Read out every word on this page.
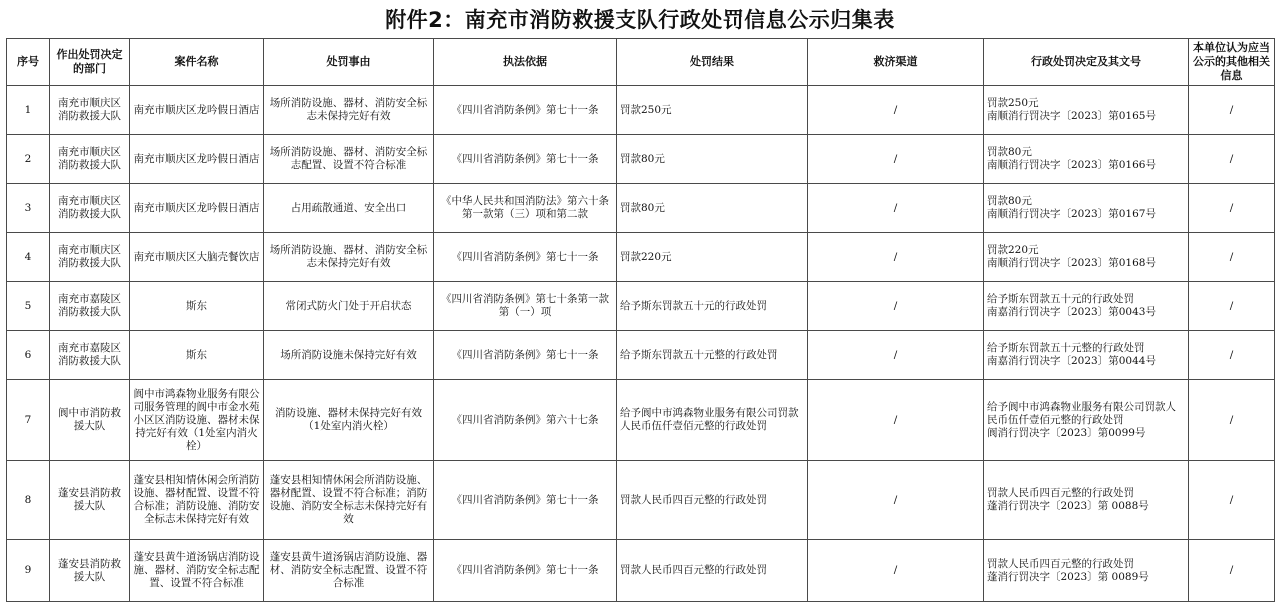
附件2：南充市消防救援支队行政处罚信息公示归集表
序号	作出处罚决定的部门	案件名称	处罚事由	执法依据	处罚结果	救济渠道	行政处罚决定及其文号	本单位认为应当公示的其他相关信息
1	南充市顺庆区消防救援大队	南充市顺庆区龙吟假日酒店	场所消防设施、器材、消防安全标志未保持完好有效	《四川省消防条例》第七十一条	罚款250元	/	罚款250元
南顺消行罚决字〔2023〕第0165号	/
2	南充市顺庆区消防救援大队	南充市顺庆区龙吟假日酒店	场所消防设施、器材、消防安全标志配置、设置不符合标准	《四川省消防条例》第七十一条	罚款80元	/	罚款80元
南顺消行罚决字〔2023〕第0166号	/
3	南充市顺庆区消防救援大队	南充市顺庆区龙吟假日酒店	占用疏散通道、安全出口	《中华人民共和国消防法》第六十条第一款第（三）项和第二款	罚款80元	/	罚款80元
南顺消行罚决字〔2023〕第0167号	/
4	南充市顺庆区消防救援大队	南充市顺庆区大脑壳餐饮店	场所消防设施、器材、消防安全标志未保持完好有效	《四川省消防条例》第七十一条	罚款220元	/	罚款220元
南顺消行罚决字〔2023〕第0168号	/
5	南充市嘉陵区消防救援大队	斯东	常闭式防火门处于开启状态	《四川省消防条例》第七十条第一款第（一）项	给予斯东罚款五十元的行政处罚	/	给予斯东罚款五十元的行政处罚
南嘉消行罚决字〔2023〕第0043号	/
6	南充市嘉陵区消防救援大队	斯东	场所消防设施未保持完好有效	《四川省消防条例》第七十一条	给予斯东罚款五十元整的行政处罚	/	给予斯东罚款五十元整的行政处罚
南嘉消行罚决字〔2023〕第0044号	/
7	阆中市消防救援大队	阆中市鸿森物业服务有限公司服务管理的阆中市金水苑小区区消防设施、器材未保持完好有效（1处室内消火栓）	消防设施、器材未保持完好有效（1处室内消火栓）	《四川省消防条例》第六十七条	给予阆中市鸿森物业服务有限公司罚款人民币伍仟壹佰元整的行政处罚	/	给予阆中市鸿森物业服务有限公司罚款人民币伍仟壹佰元整的行政处罚
阆消行罚决字〔2023〕第0099号	/
8	蓬安县消防救援大队	蓬安县相知情休闲会所消防设施、器材配置、设置不符合标准；消防设施、消防安全标志未保持完好有效	蓬安县相知情休闲会所消防设施、器材配置、设置不符合标准；消防设施、消防安全标志未保持完好有效	《四川省消防条例》第七十一条	罚款人民币四百元整的行政处罚	/	罚款人民币四百元整的行政处罚
蓬消行罚决字〔2023〕第 0088号	/
9	蓬安县消防救援大队	蓬安县黄牛道汤锅店消防设施、器材、消防安全标志配置、设置不符合标准	蓬安县黄牛道汤锅店消防设施、器材、消防安全标志配置、设置不符合标准	《四川省消防条例》第七十一条	罚款人民币四百元整的行政处罚	/	罚款人民币四百元整的行政处罚
蓬消行罚决字〔2023〕第 0089号	/
